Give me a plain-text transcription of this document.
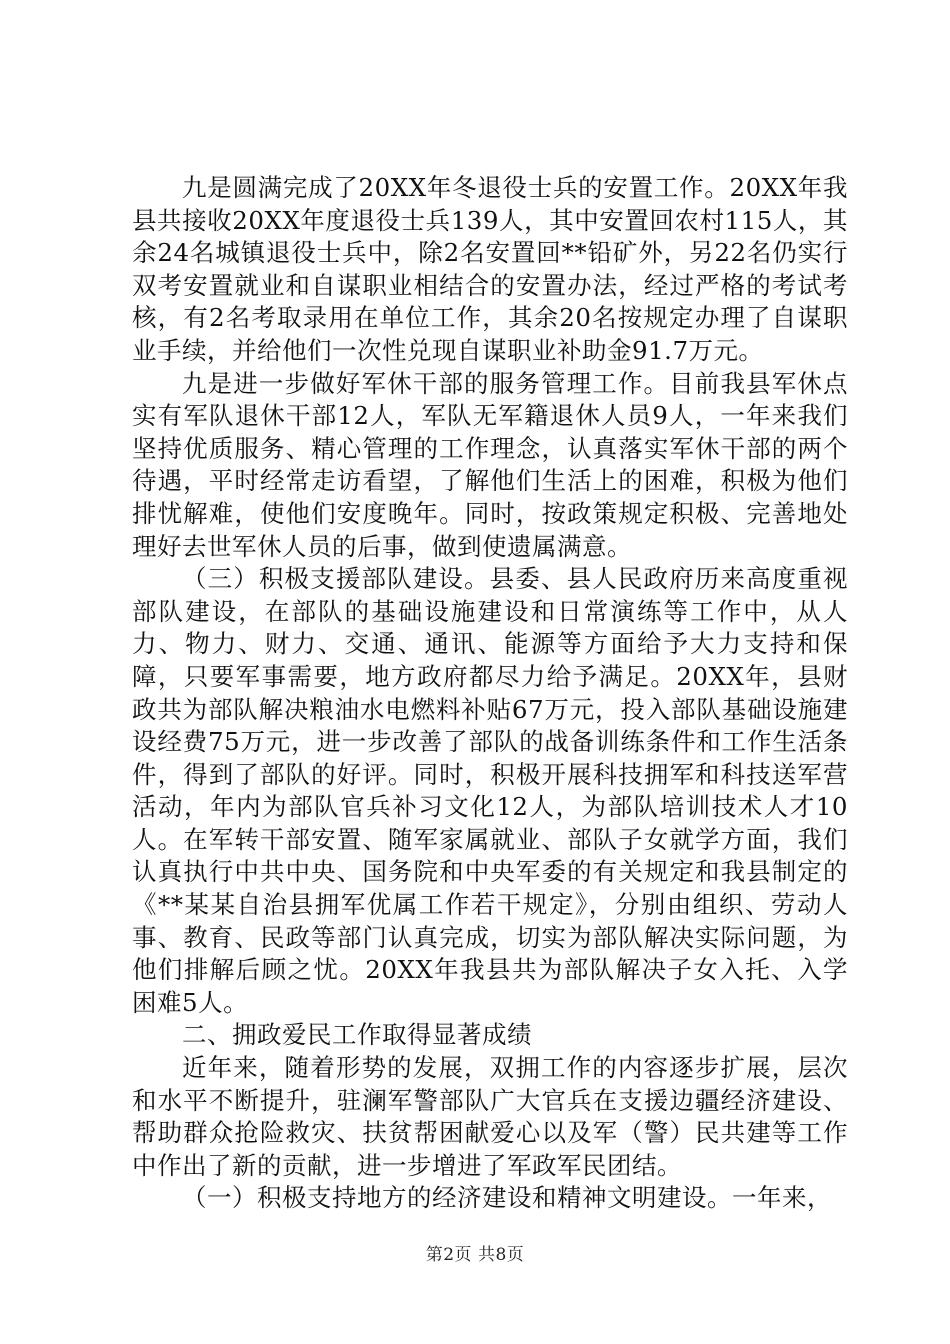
九是圆满完成了20XX年冬退役士兵的安置工作。20XX年我县共接收20XX年度退役士兵139人，其中安置回农村115人，其余24名城镇退役士兵中，除2名安置回**铅矿外，另22名仍实行双考安置就业和自谋职业相结合的安置办法，经过严格的考试考核，有2名考取录用在单位工作，其余20名按规定办理了自谋职业手续，并给他们一次性兑现自谋职业补助金91.7万元。

九是进一步做好军休干部的服务管理工作。目前我县军休点实有军队退休干部12人，军队无军籍退休人员9人，一年来我们坚持优质服务、精心管理的工作理念，认真落实军休干部的两个待遇，平时经常走访看望，了解他们生活上的困难，积极为他们排忧解难，使他们安度晚年。同时，按政策规定积极、完善地处理好去世军休人员的后事，做到使遗属满意。

（三）积极支援部队建设。县委、县人民政府历来高度重视部队建设，在部队的基础设施建设和日常演练等工作中，从人力、物力、财力、交通、通讯、能源等方面给予大力支持和保障，只要军事需要，地方政府都尽力给予满足。20XX年，县财政共为部队解决粮油水电燃料补贴67万元，投入部队基础设施建设经费75万元，进一步改善了部队的战备训练条件和工作生活条件，得到了部队的好评。同时，积极开展科技拥军和科技送军营活动，年内为部队官兵补习文化12人，为部队培训技术人才10人。在军转干部安置、随军家属就业、部队子女就学方面，我们认真执行中共中央、国务院和中央军委的有关规定和我县制定的《**某某自治县拥军优属工作若干规定》，分别由组织、劳动人事、教育、民政等部门认真完成，切实为部队解决实际问题，为他们排解后顾之忧。20XX年我县共为部队解决子女入托、入学困难5人。

二、拥政爱民工作取得显著成绩

近年来，随着形势的发展，双拥工作的内容逐步扩展，层次和水平不断提升，驻澜军警部队广大官兵在支援边疆经济建设、帮助群众抢险救灾、扶贫帮困献爱心以及军（警）民共建等工作中作出了新的贡献，进一步增进了军政军民团结。

（一）积极支持地方的经济建设和精神文明建设。一年来，

第2页 共8页
